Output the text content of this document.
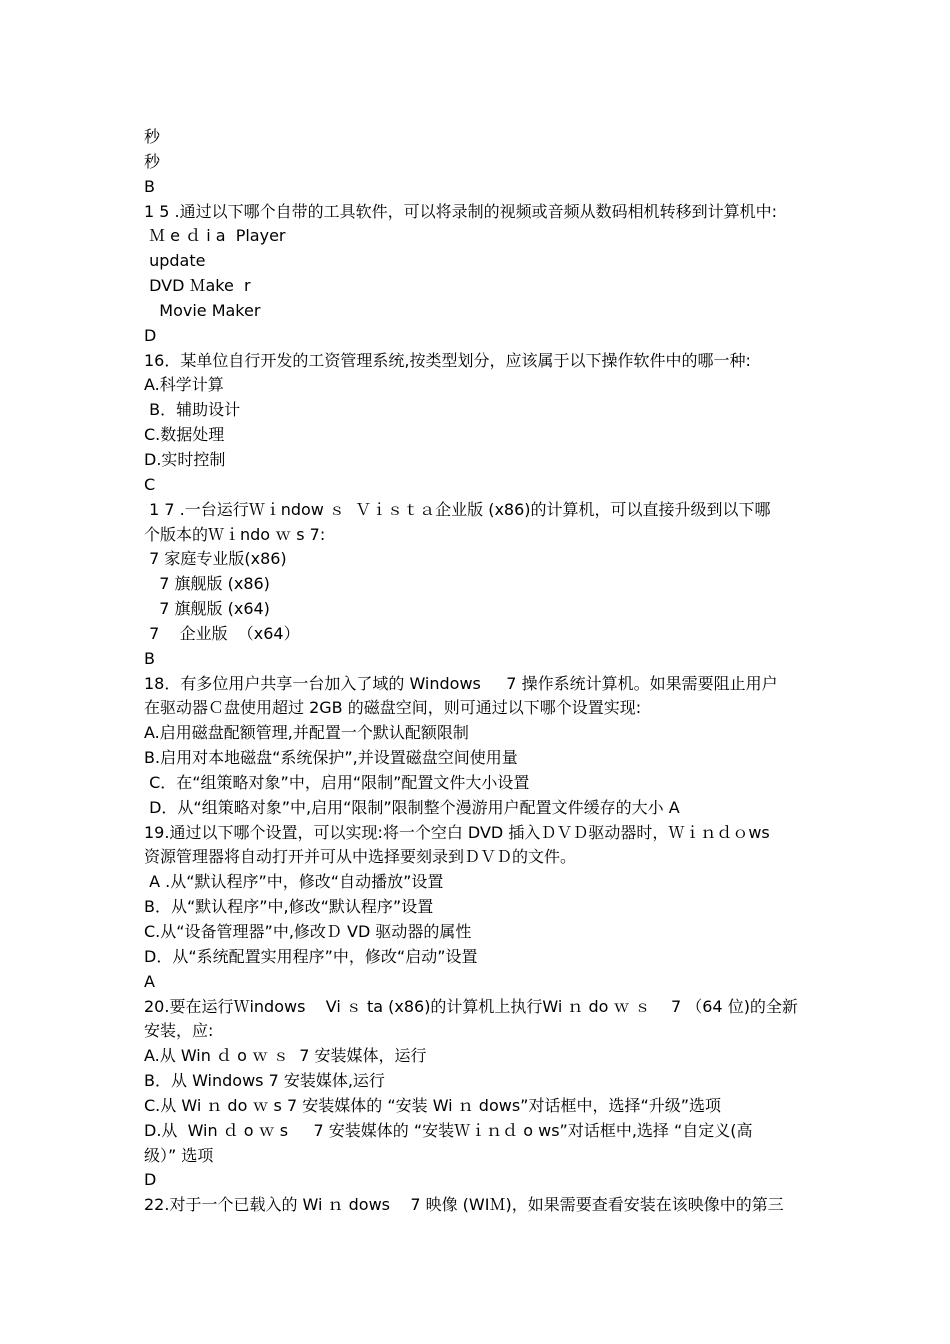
秒
秒
B
1 5 .通过以下哪个自带的工具软件，可以将录制的视频或音频从数码相机转移到计算机中:
Ｍ e ｄ i a  Player
update
DVD Ｍake  r
Movie Maker
D
16．某单位自行开发的工资管理系统,按类型划分，应该属于以下操作软件中的哪一种:
A.科学计算
B．辅助设计
C.数据处理
D.实时控制
C
1 7 .一台运行Ｗｉndow ｓ  Ｖｉｓｔａ企业版 (x86)的计算机，可以直接升级到以下哪
个版本的Ｗｉndo ｗ s 7:
7 家庭专业版(x86)
7 旗舰版 (x86)
7 旗舰版 (x64)
7    企业版  （x64）
B
18．有多位用户共享一台加入了域的 Windows     7 操作系统计算机。如果需要阻止用户
在驱动器Ｃ盘使用超过 2GB 的磁盘空间，则可通过以下哪个设置实现:
A.启用磁盘配额管理,并配置一个默认配额限制
B.启用对本地磁盘“系统保护”,并设置磁盘空间使用量
C．在“组策略对象”中，启用“限制”配置文件大小设置
D．从“组策略对象”中,启用“限制”限制整个漫游用户配置文件缓存的大小 A
19.通过以下哪个设置，可以实现:将一个空白 DVD 插入ＤＶＤ驱动器时，Ｗｉｎｄｏws
资源管理器将自动打开并可从中选择要刻录到ＤＶＤ的文件。
A .从“默认程序”中，修改“自动播放”设置
B．从“默认程序”中,修改“默认程序”设置
C.从“设备管理器”中,修改Ｄ VD 驱动器的属性
D．从“系统配置实用程序”中，修改“启动”设置
A
20.要在运行Ｗindows    Vi ｓ ta (x86)的计算机上执行Wi ｎ do ｗ ｓ    7 （64 位)的全新
安装，应:
A.从 Win ｄ o ｗ ｓ  7 安装媒体，运行
B．从 Windows 7 安装媒体,运行
C.从 Wi ｎ do ｗ s 7 安装媒体的 “安装 Wi ｎ dows”对话框中，选择“升级”选项
D.从  Win ｄ o ｗ s     7 安装媒体的 “安装Ｗｉｎｄ o ws”对话框中,选择 “自定义(高
级）” 选项
D
22.对于一个已载入的 Wi ｎ dows    7 映像 (WIＭ)，如果需要查看安装在该映像中的第三
